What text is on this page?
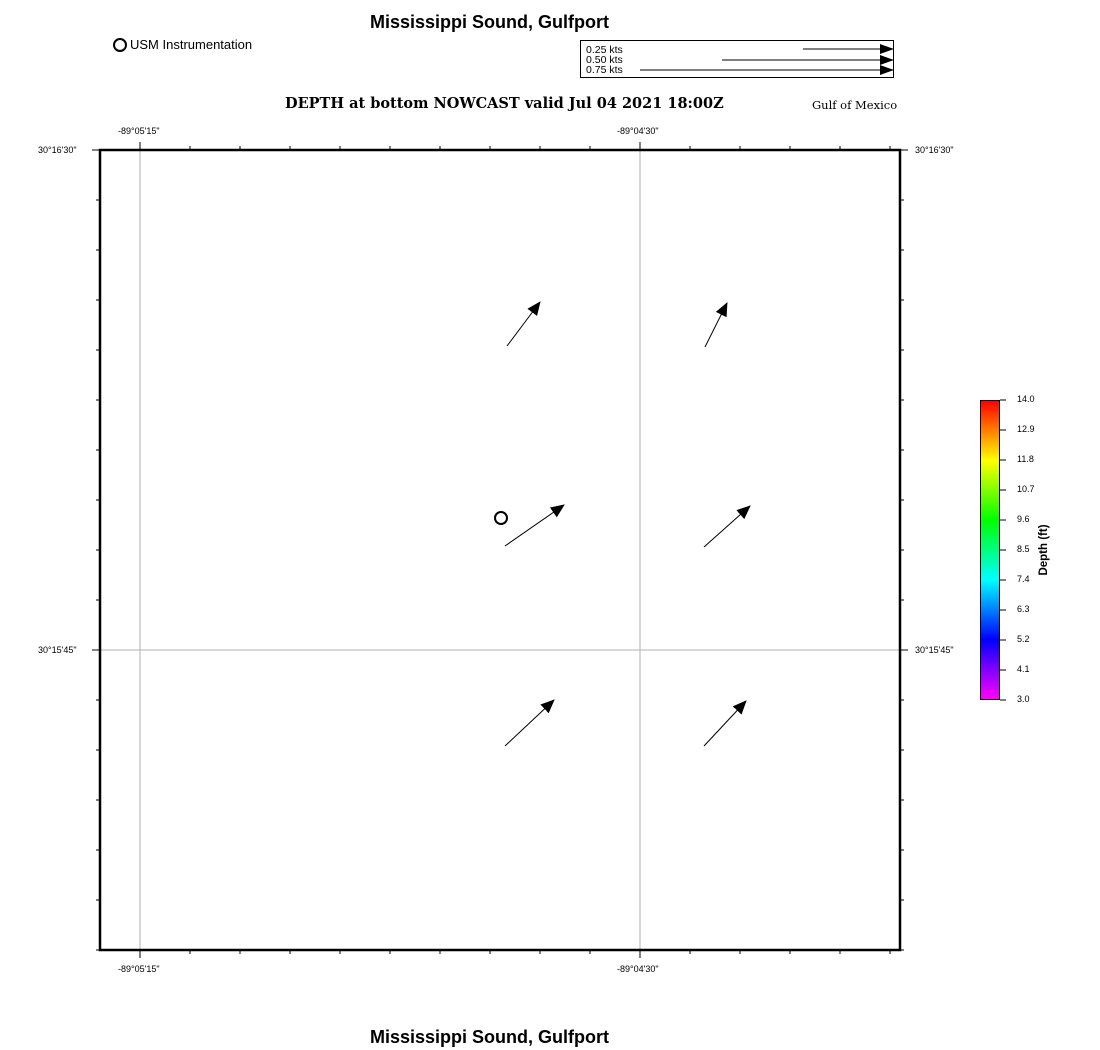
Mississippi Sound, Gulfport
Mississippi Sound, Gulfport
USM Instrumentation
DEPTH at bottom NOWCAST valid Jul 04 2021 18:00Z	Gulf of Mexico
0.25 kts
0.50 kts
0.75 kts
-89°05'15"	-89°04'30"
-89°05'15"	-89°04'30"
30°16'30"
30°15'45"
30°16'30"
30°15'45"
14.0
12.9
11.8
10.7
9.6
8.5
7.4
6.3
5.2
4.1
3.0
Depth (ft)
